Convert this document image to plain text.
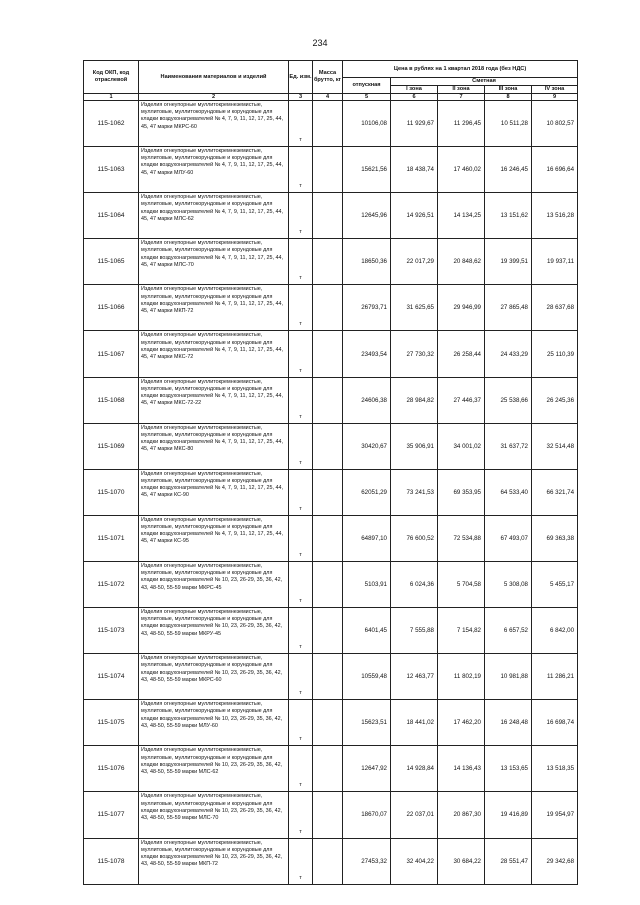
234
Код ОКП, код отраслевой	Наименования материалов и изделий	Ед. изм.	Масса брутто, кг	Цена в рублях на 1 квартал 2018 года (без НДС)				
				отпускная	Сметная			
					I зона	II зона	III зона	IV зона
1	2	3	4	5	6	7	8	9
115-1062	Изделия огнеупорные муллитокремнеземистые, муллитовые, муллитокорундовые и корундовые для кладки воздухонагревателей № 4, 7, 9, 11, 12, 17, 25, 44, 45, 47 марки МКРС-60	т		10106,08	11 929,67	11 296,45	10 511,28	10 802,57
115-1063	Изделия огнеупорные муллитокремнеземистые, муллитовые, муллитокорундовые и корундовые для кладки воздухонагревателей № 4, 7, 9, 11, 12, 17, 25, 44, 45, 47 марки МЛУ-60	т		15621,56	18 438,74	17 460,02	16 246,45	16 696,64
115-1064	Изделия огнеупорные муллитокремнеземистые, муллитовые, муллитокорундовые и корундовые для кладки воздухонагревателей № 4, 7, 9, 11, 12, 17, 25, 44, 45, 47 марки МЛС-62	т		12645,96	14 926,51	14 134,25	13 151,62	13 516,28
115-1065	Изделия огнеупорные муллитокремнеземистые, муллитовые, муллитокорундовые и корундовые для кладки воздухонагревателей № 4, 7, 9, 11, 12, 17, 25, 44, 45, 47 марки МЛС-70	т		18650,36	22 017,29	20 848,62	19 399,51	19 937,11
115-1066	Изделия огнеупорные муллитокремнеземистые, муллитовые, муллитокорундовые и корундовые для кладки воздухонагревателей № 4, 7, 9, 11, 12, 17, 25, 44, 45, 47 марки МКП-72	т		26793,71	31 625,65	29 946,99	27 865,48	28 637,68
115-1067	Изделия огнеупорные муллитокремнеземистые, муллитовые, муллитокорундовые и корундовые для кладки воздухонагревателей № 4, 7, 9, 11, 12, 17, 25, 44, 45, 47 марки МКС-72	т		23493,54	27 730,32	26 258,44	24 433,29	25 110,39
115-1068	Изделия огнеупорные муллитокремнеземистые, муллитовые, муллитокорундовые и корундовые для кладки воздухонагревателей № 4, 7, 9, 11, 12, 17, 25, 44, 45, 47 марки МКС-72-22	т		24606,38	28 984,82	27 446,37	25 538,66	26 245,36
115-1069	Изделия огнеупорные муллитокремнеземистые, муллитовые, муллитокорундовые и корундовые для кладки воздухонагревателей № 4, 7, 9, 11, 12, 17, 25, 44, 45, 47 марки МКС-80	т		30420,67	35 906,91	34 001,02	31 637,72	32 514,48
115-1070	Изделия огнеупорные муллитокремнеземистые, муллитовые, муллитокорундовые и корундовые для кладки воздухонагревателей № 4, 7, 9, 11, 12, 17, 25, 44, 45, 47 марки КС-90	т		62051,29	73 241,53	69 353,95	64 533,40	66 321,74
115-1071	Изделия огнеупорные муллитокремнеземистые, муллитовые, муллитокорундовые и корундовые для кладки воздухонагревателей № 4, 7, 9, 11, 12, 17, 25, 44, 45, 47 марки КС-95	т		64897,10	76 600,52	72 534,88	67 493,07	69 363,38
115-1072	Изделия огнеупорные муллитокремнеземистые, муллитовые, муллитокорундовые и корундовые для кладки воздухонагревателей № 10, 23, 26-29, 35, 36, 42, 43, 48-50, 55-59 марки МКРС-45	т		5103,91	6 024,36	5 704,58	5 308,08	5 455,17
115-1073	Изделия огнеупорные муллитокремнеземистые, муллитовые, муллитокорундовые и корундовые для кладки воздухонагревателей № 10, 23, 26-29, 35, 36, 42, 43, 48-50, 55-59 марки МКРУ-45	т		6401,45	7 555,88	7 154,82	6 657,52	6 842,00
115-1074	Изделия огнеупорные муллитокремнеземистые, муллитовые, муллитокорундовые и корундовые для кладки воздухонагревателей № 10, 23, 26-29, 35, 36, 42, 43, 48-50, 55-59 марки МКРС-60	т		10559,48	12 463,77	11 802,19	10 981,88	11 286,21
115-1075	Изделия огнеупорные муллитокремнеземистые, муллитовые, муллитокорундовые и корундовые для кладки воздухонагревателей № 10, 23, 26-29, 35, 36, 42, 43, 48-50, 55-59 марки МЛУ-60	т		15623,51	18 441,02	17 462,20	16 248,48	16 698,74
115-1076	Изделия огнеупорные муллитокремнеземистые, муллитовые, муллитокорундовые и корундовые для кладки воздухонагревателей № 10, 23, 26-29, 35, 36, 42, 43, 48-50, 55-59 марки МЛС-62	т		12647,92	14 928,84	14 136,43	13 153,65	13 518,35
115-1077	Изделия огнеупорные муллитокремнеземистые, муллитовые, муллитокорундовые и корундовые для кладки воздухонагревателей № 10, 23, 26-29, 35, 36, 42, 43, 48-50, 55-59 марки МЛС-70	т		18670,07	22 037,01	20 867,30	19 416,89	19 954,97
115-1078	Изделия огнеупорные муллитокремнеземистые, муллитовые, муллитокорундовые и корундовые для кладки воздухонагревателей № 10, 23, 26-29, 35, 36, 42, 43, 48-50, 55-59 марки МКП-72	т		27453,32	32 404,22	30 684,22	28 551,47	29 342,68
